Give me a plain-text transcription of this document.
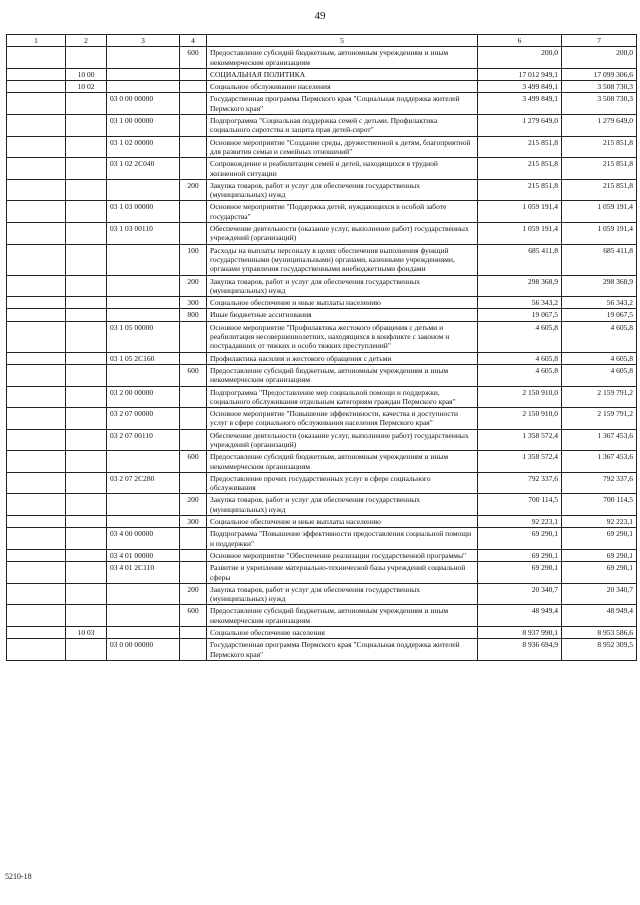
49
1	2	3	4	5	6	7
			600	Предоставление субсидий бюджетным, автономным учреждениям и иным некоммерческим организациям	200,0	200,0
	10 00			СОЦИАЛЬНАЯ ПОЛИТИКА	17 012 949,1	17 099 306,6
	10 02			Социальное обслуживание населения	3 499 849,1	3 508 730,3
		03 0 00 00000		Государственная программа Пермского края "Социальная поддержка жителей Пермского края"	3 499 849,1	3 508 730,3
		03 1 00 00000		Подпрограмма "Социальная поддержка семей с детьми. Профилактика социального сиротства и защита прав детей-сирот"	1 279 649,0	1 279 649,0
		03 1 02 00000		Основное мероприятие "Создание среды, дружественной к детям, благоприятной для развития семьи и семейных отношений"	215 851,8	215 851,8
		03 1 02 2С040		Сопровождение и реабилитация семей и детей, находящихся в трудной жизненной ситуации	215 851,8	215 851,8
			200	Закупка товаров, работ и услуг для обеспечения государственных (муниципальных) нужд	215 851,8	215 851,8
		03 1 03 00000		Основное мероприятие "Поддержка детей, нуждающихся в особой заботе государства"	1 059 191,4	1 059 191,4
		03 1 03 00110		Обеспечение деятельности (оказание услуг, выполнение работ) государственных учреждений (организаций)	1 059 191,4	1 059 191,4
			100	Расходы на выплаты персоналу в целях обеспечения выполнения функций государственными (муниципальными) органами, казенными учреждениями, органами управления государственными внебюджетными фондами	685 411,8	685 411,8
			200	Закупка товаров, работ и услуг для обеспечения государственных (муниципальных) нужд	298 368,9	298 368,9
			300	Социальное обеспечение и иные выплаты населению	56 343,2	56 343,2
			800	Иные бюджетные ассигнования	19 067,5	19 067,5
		03 1 05 00000		Основное мероприятие "Профилактика жестокого обращения с детьми и реабилитация несовершеннолетних, находящихся в конфликте с законом и пострадавших от тяжких и особо тяжких преступлений"	4 605,8	4 605,8
		03 1 05 2С160		Профилактика насилия и жестокого обращения с детьми	4 605,8	4 605,8
			600	Предоставление субсидий бюджетным, автономным учреждениям и иным некоммерческим организациям	4 605,8	4 605,8
		03 2 00 00000		Подпрограмма "Предоставление мер социальной помощи и поддержки, социального обслуживания отдельным категориям граждан Пермского края"	2 150 910,0	2 159 791,2
		03 2 07 00000		Основное мероприятие "Повышение эффективности, качества и доступности услуг в сфере социального обслуживания населения Пермского края"	2 150 910,0	2 159 791,2
		03 2 07 00110		Обеспечение деятельности (оказание услуг, выполнение работ) государственных учреждений (организаций)	1 358 572,4	1 367 453,6
			600	Предоставление субсидий бюджетным, автономным учреждениям и иным некоммерческим организациям	1 358 572,4	1 367 453,6
		03 2 07 2С280		Предоставление прочих государственных услуг в сфере социального обслуживания	792 337,6	792 337,6
			200	Закупка товаров, работ и услуг для обеспечения государственных (муниципальных) нужд	700 114,5	700 114,5
			300	Социальное обеспечение и иные выплаты населению	92 223,1	92 223,1
		03 4 00 00000		Подпрограмма "Повышение эффективности предоставления социальной помощи и поддержки"	69 290,1	69 290,1
		03 4 01 00000		Основное мероприятие "Обеспечение реализации государственной программы"	69 290,1	69 290,1
		03 4 01 2С110		Развитие и укрепление материально-технической базы учреждений социальной сферы	69 290,1	69 290,1
			200	Закупка товаров, работ и услуг для обеспечения государственных (муниципальных) нужд	20 340,7	20 340,7
			600	Предоставление субсидий бюджетным, автономным учреждениям и иным некоммерческим организациям	48 949,4	48 949,4
	10 03			Социальное обеспечение населения	8 937 990,1	8 953 586,6
		03 0 00 00000		Государственная программа Пермского края "Социальная поддержка жителей Пермского края"	8 936 694,9	8 952 309,5
5210-18
